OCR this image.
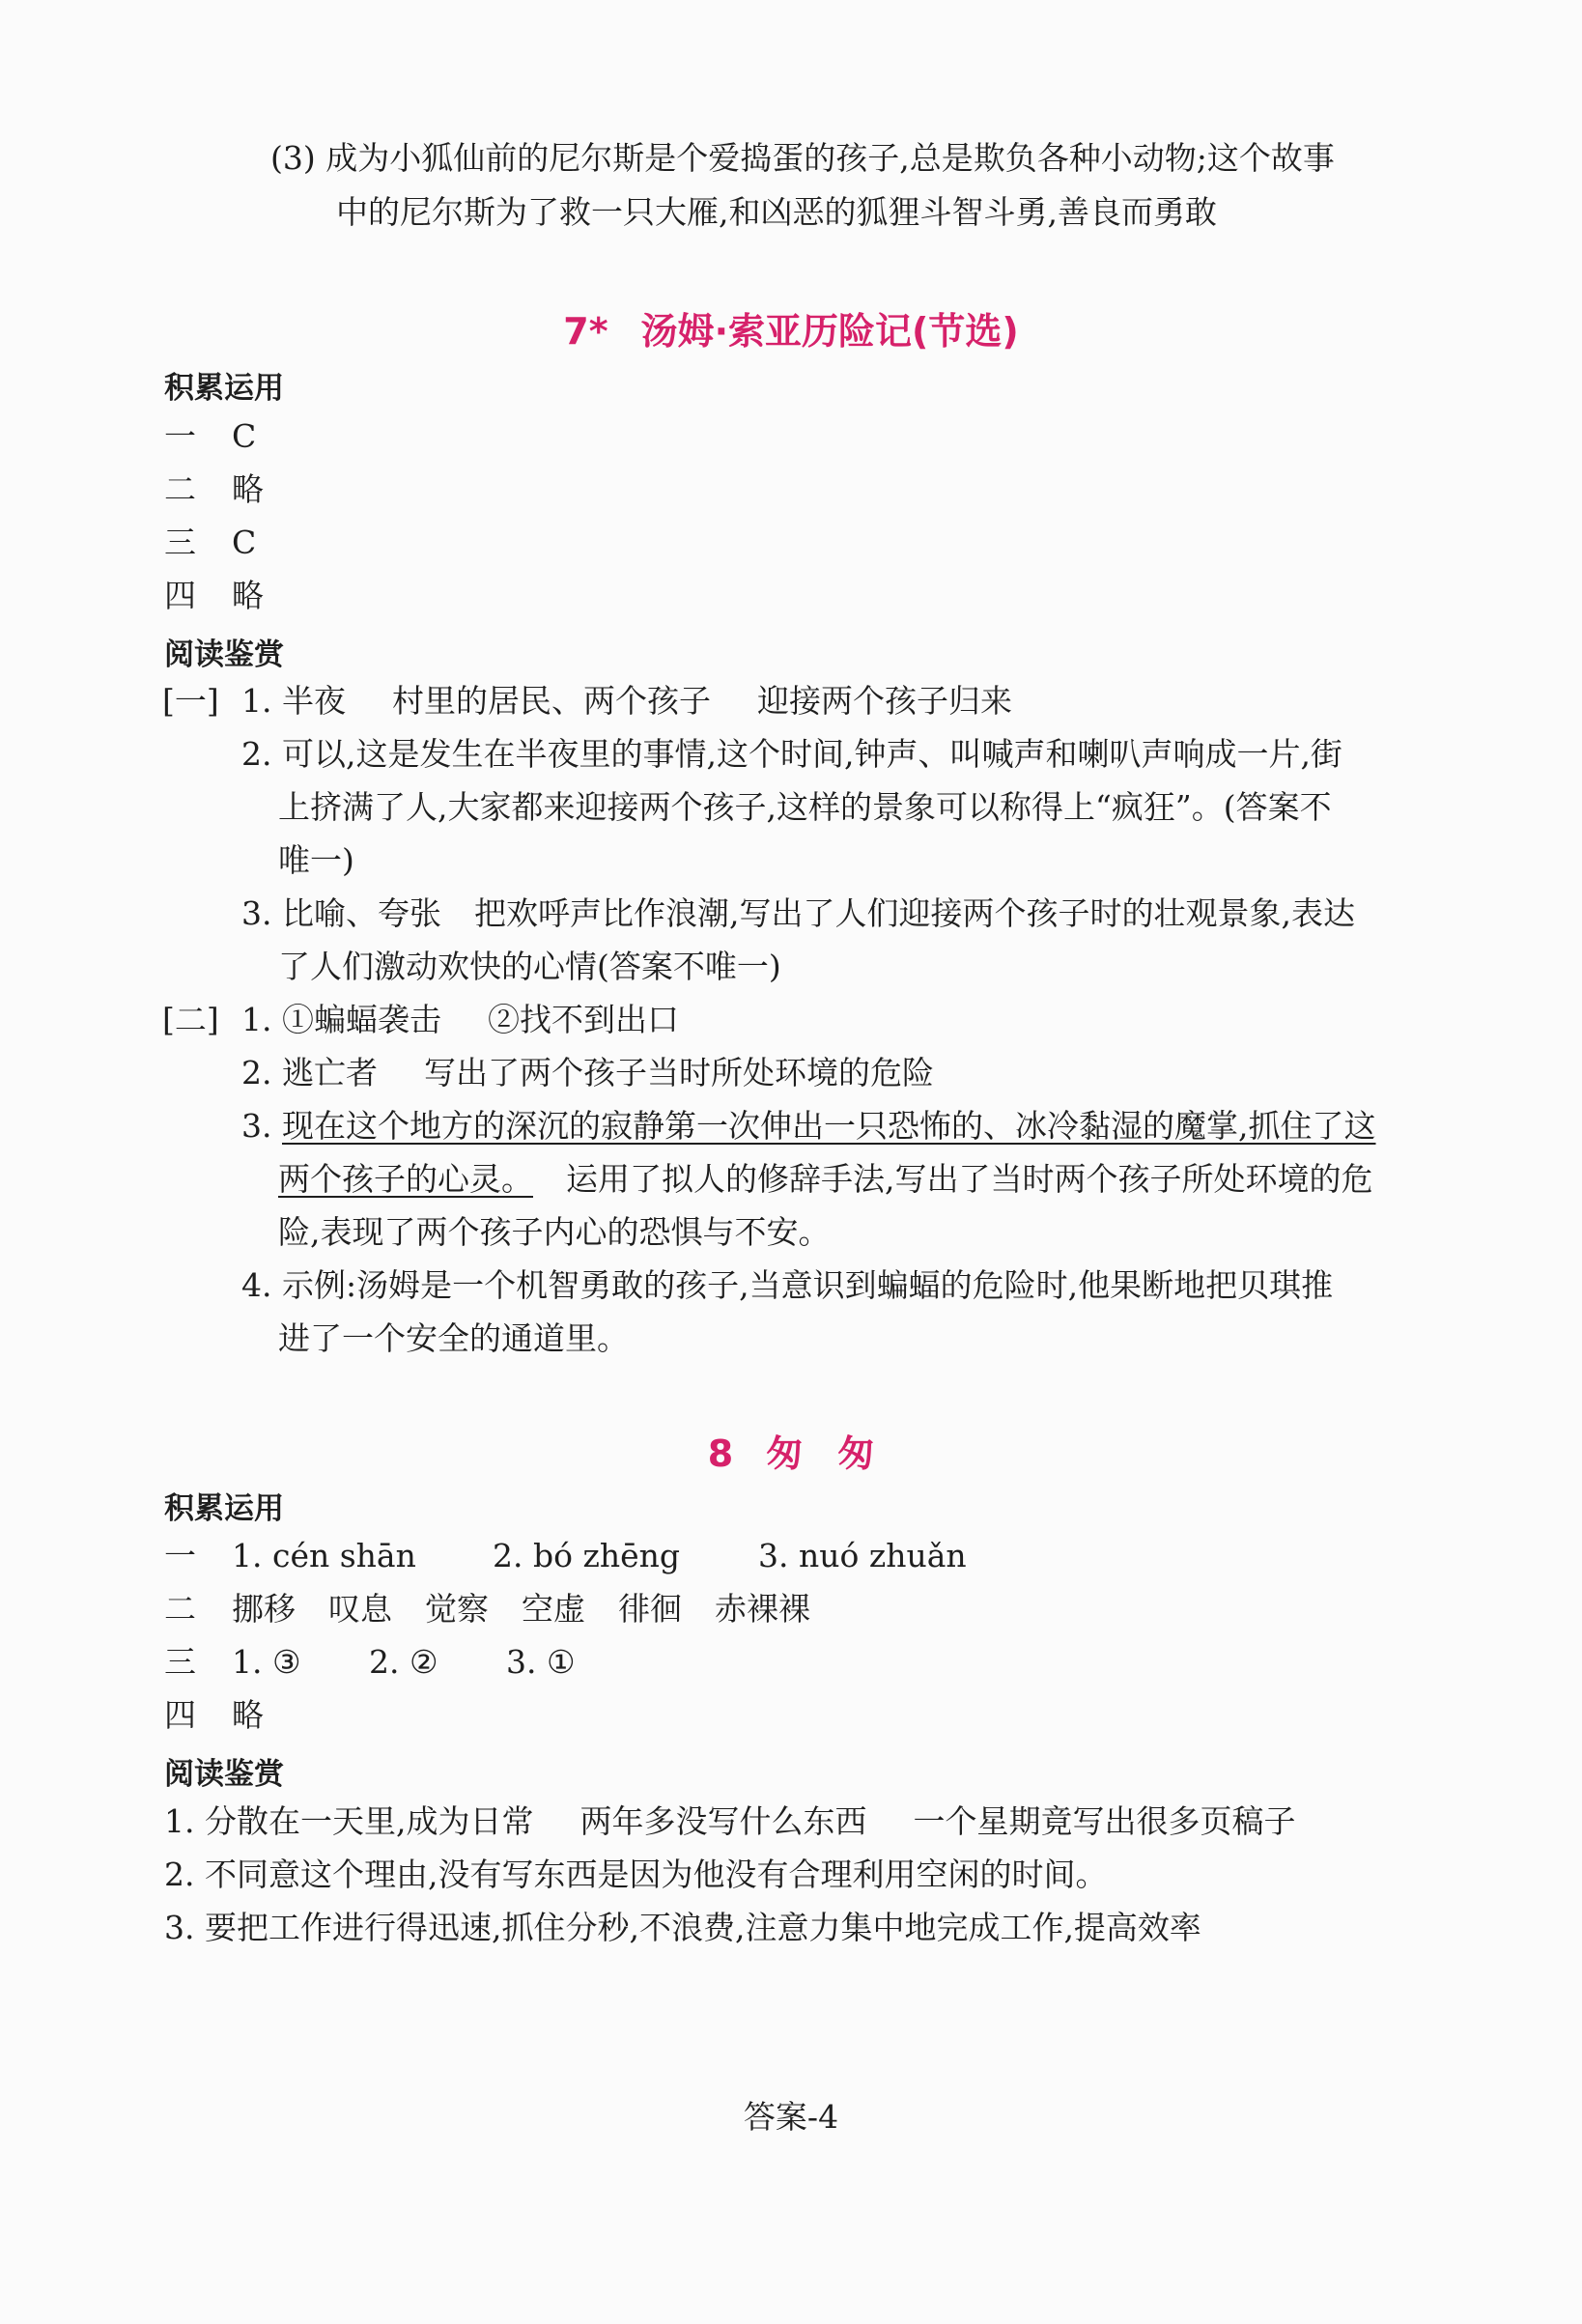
(3) 成为小狐仙前的尼尔斯是个爱捣蛋的孩子,总是欺负各种小动物;这个故事
中的尼尔斯为了救一只大雁,和凶恶的狐狸斗智斗勇,善良而勇敢
7* 汤姆·索亚历险记(节选)
积累运用
一 C
二 略
三 C
四 略
阅读鉴赏
[一] 1. 半夜 村里的居民、两个孩子 迎接两个孩子归来
2. 可以,这是发生在半夜里的事情,这个时间,钟声、叫喊声和喇叭声响成一片,街
上挤满了人,大家都来迎接两个孩子,这样的景象可以称得上“疯狂”。(答案不
唯一)
3. 比喻、夸张 把欢呼声比作浪潮,写出了人们迎接两个孩子时的壮观景象,表达
了人们激动欢快的心情(答案不唯一)
[二] 1. ①蝙蝠袭击 ②找不到出口
2. 逃亡者 写出了两个孩子当时所处环境的危险
3. 现在这个地方的深沉的寂静第一次伸出一只恐怖的、冰冷黏湿的魔掌,抓住了这
两个孩子的心灵。 运用了拟人的修辞手法,写出了当时两个孩子所处环境的危
险,表现了两个孩子内心的恐惧与不安。
4. 示例:汤姆是一个机智勇敢的孩子,当意识到蝙蝠的危险时,他果断地把贝琪推
进了一个安全的通道里。
8 匆 匆
积累运用
一 1. cén shān 2. bó zhēng 3. nuó zhuǎn
二 挪移 叹息 觉察 空虚 徘徊 赤裸裸
三 1. ③ 2. ② 3. ①
四 略
阅读鉴赏
1. 分散在一天里,成为日常 两年多没写什么东西 一个星期竟写出很多页稿子
2. 不同意这个理由,没有写东西是因为他没有合理利用空闲的时间。
3. 要把工作进行得迅速,抓住分秒,不浪费,注意力集中地完成工作,提高效率
答案-4
